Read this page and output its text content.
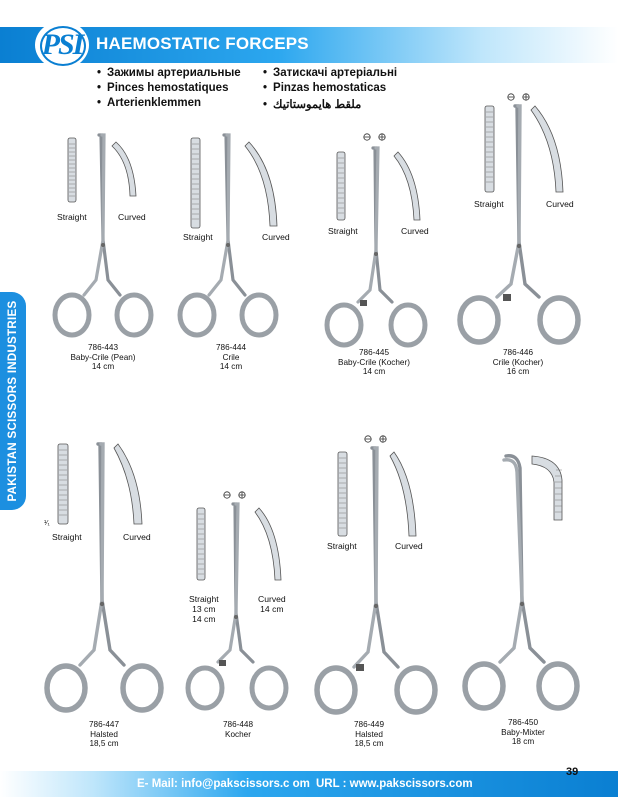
PSI HAEMOSTATIC FORCEPS
• Зажимы артериальные	• Затискачі артеріальні
• Pinces hemostatiques	• Pinzas hemostaticas
• Arterienklemmen	• ملقط هايموستاتيك
PAKISTAN SCISSORS INDUSTRIES
Straight	Curved
786-443
Baby-Crile (Pean)
14 cm
Straight	Curved
786-444
Crile
14 cm
Straight	Curved
786-445
Baby-Crile (Kocher)
14 cm
Straight	Curved
786-446
Crile (Kocher)
16 cm
¹⁄₁
Straight	Curved
786-447
Halsted
18,5 cm
Straight
13 cm
14 cm
Curved
14 cm
786-448
Kocher
Straight	Curved
786-449
Halsted
18,5 cm
786-450
Baby-Mixter
18 cm
E- Mail: info@pakscissors.c om URL : www.pakscissors.com
39
